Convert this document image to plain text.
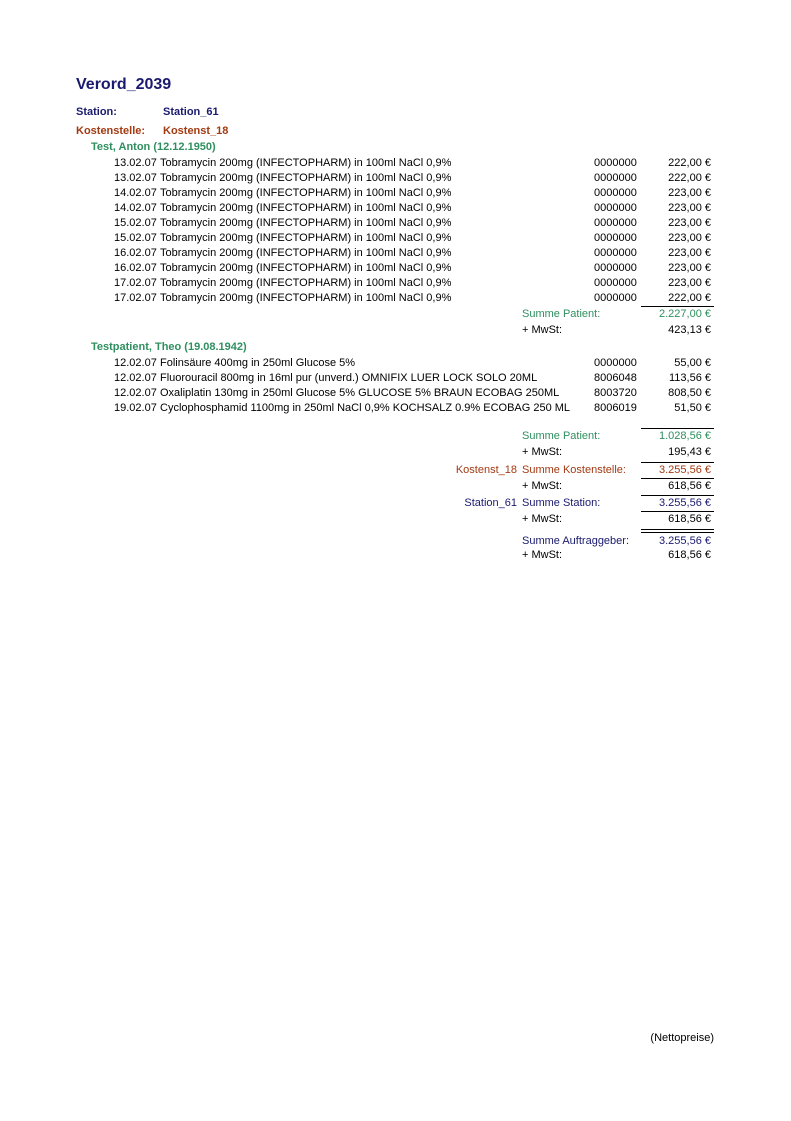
Verord_2039
Station:	Station_61
Kostenstelle: Kostenst_18
Test, Anton (12.12.1950)
13.02.07 Tobramycin 200mg (INFECTOPHARM) in 100ml NaCl 0,9%	0000000	222,00 €
13.02.07 Tobramycin 200mg (INFECTOPHARM) in 100ml NaCl 0,9%	0000000	222,00 €
14.02.07 Tobramycin 200mg (INFECTOPHARM) in 100ml NaCl 0,9%	0000000	223,00 €
14.02.07 Tobramycin 200mg (INFECTOPHARM) in 100ml NaCl 0,9%	0000000	223,00 €
15.02.07 Tobramycin 200mg (INFECTOPHARM) in 100ml NaCl 0,9%	0000000	223,00 €
15.02.07 Tobramycin 200mg (INFECTOPHARM) in 100ml NaCl 0,9%	0000000	223,00 €
16.02.07 Tobramycin 200mg (INFECTOPHARM) in 100ml NaCl 0,9%	0000000	223,00 €
16.02.07 Tobramycin 200mg (INFECTOPHARM) in 100ml NaCl 0,9%	0000000	223,00 €
17.02.07 Tobramycin 200mg (INFECTOPHARM) in 100ml NaCl 0,9%	0000000	223,00 €
17.02.07 Tobramycin 200mg (INFECTOPHARM) in 100ml NaCl 0,9%	0000000	222,00 €
Summe Patient:	2.227,00 €
+ MwSt:	423,13 €
Testpatient, Theo (19.08.1942)
12.02.07 Folinsäure 400mg in 250ml Glucose 5%	0000000	55,00 €
12.02.07 Fluorouracil 800mg in 16ml pur (unverd.) OMNIFIX LUER LOCK SOLO 20ML	8006048	113,56 €
12.02.07 Oxaliplatin 130mg in 250ml Glucose 5% GLUCOSE 5% BRAUN ECOBAG 250ML	8003720	808,50 €
19.02.07 Cyclophosphamid 1100mg in 250ml NaCl 0,9% KOCHSALZ 0.9% ECOBAG 250 ML	8006019	51,50 €
Summe Patient:	1.028,56 €
+ MwSt:	195,43 €
Kostenst_18 Summe Kostenstelle:	3.255,56 €
+ MwSt:	618,56 €
Station_61 Summe Station:	3.255,56 €
+ MwSt:	618,56 €
Summe Auftraggeber:	3.255,56 €
+ MwSt:	618,56 €
(Nettopreise)
